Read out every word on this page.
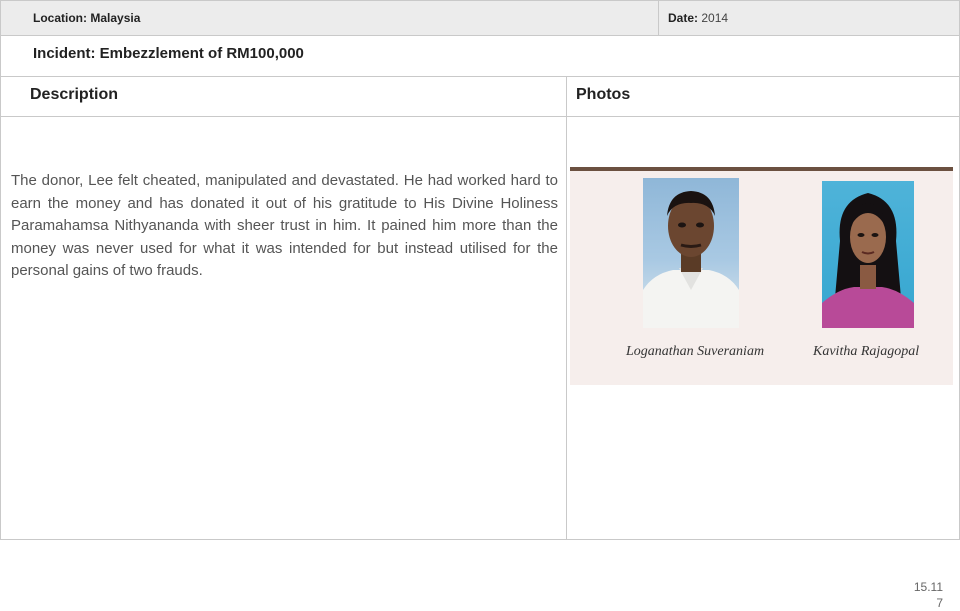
Location: Malaysia	Date: 2014
Incident: Embezzlement of RM100,000
Description	Photos

The donor, Lee felt cheated, manipulated and devastated. He had worked hard to earn the money and has donated it out of his gratitude to His Divine Holiness Paramahamsa Nithyananda with sheer trust in him. It pained him more than the money was never used for what it was intended for but instead utilised for the personal gains of two frauds.

Loganathan Suveraniam	Kavitha Rajagopal
15.11
7
